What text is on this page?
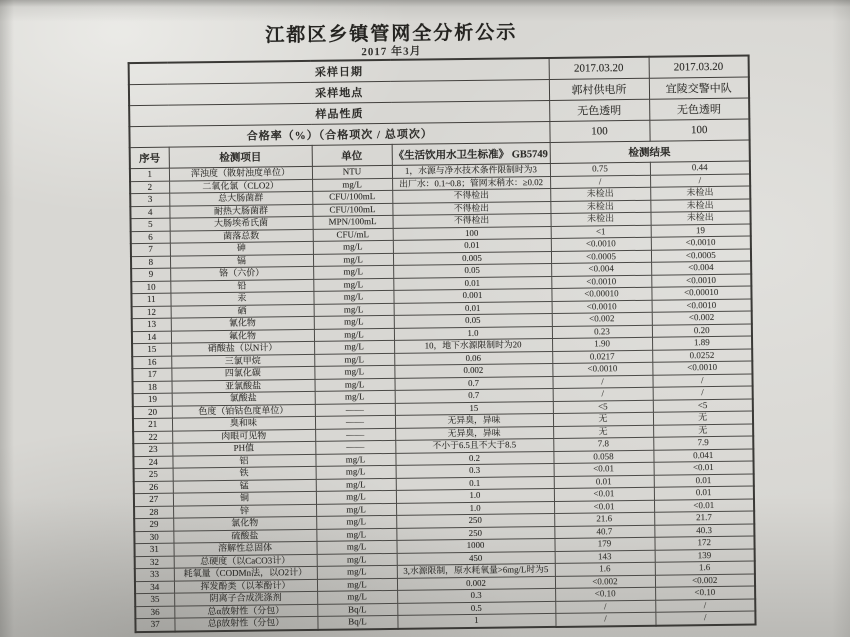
江都区乡镇管网全分析公示
2017 年3月
采样日期				2017.03.20	2017.03.20
采样地点				郭村供电所	宜陵交警中队
样品性质				无色透明	无色透明
合格率（%）（合格项次 / 总项次）				100	100
序号	检测项目	单位	《生活饮用水卫生标准》 GB5749	检测结果	
1	浑浊度（散射浊度单位）	NTU	1，水源与净水技术条件限制时为3	0.75	0.44
2	二氧化氯（CLO2）	mg/L	出厂水：0.1~0.8；管网末稍水：≥0.02	/	/
3	总大肠菌群	CFU/100mL	不得检出	未检出	未检出
4	耐热大肠菌群	CFU/100mL	不得检出	未检出	未检出
5	大肠埃希氏菌	MPN/100mL	不得检出	未检出	未检出
6	菌落总数	CFU/mL	100	<1	19
7	砷	mg/L	0.01	<0.0010	<0.0010
8	镉	mg/L	0.005	<0.0005	<0.0005
9	铬（六价）	mg/L	0.05	<0.004	<0.004
10	铅	mg/L	0.01	<0.0010	<0.0010
11	汞	mg/L	0.001	<0.00010	<0.00010
12	硒	mg/L	0.01	<0.0010	<0.0010
13	氰化物	mg/L	0.05	<0.002	<0.002
14	氟化物	mg/L	1.0	0.23	0.20
15	硝酸盐（以N计）	mg/L	10，地下水源限制时为20	1.90	1.89
16	三氯甲烷	mg/L	0.06	0.0217	0.0252
17	四氯化碳	mg/L	0.002	<0.0010	<0.0010
18	亚氯酸盐	mg/L	0.7	/	/
19	氯酸盐	mg/L	0.7	/	/
20	色度（铂钴色度单位）	——	15	<5	<5
21	臭和味	——	无异臭，异味	无	无
22	肉眼可见物	——	无异臭，异味	无	无
23	PH值	——	不小于6.5且不大于8.5	7.8	7.9
24	铝	mg/L	0.2	0.058	0.041
25	铁	mg/L	0.3	<0.01	<0.01
26	锰	mg/L	0.1	0.01	0.01
27	铜	mg/L	1.0	<0.01	0.01
28	锌	mg/L	1.0	<0.01	<0.01
29	氯化物	mg/L	250	21.6	21.7
30	硫酸盐	mg/L	250	40.7	40.3
31	溶解性总固体	mg/L	1000	179	172
32	总硬度（以CaCO3计）	mg/L	450	143	139
33	耗氧量（CODMn法，以O2计）	mg/L	3,水源限制，原水耗氧量>6mg/L时为5	1.6	1.6
34	挥发酚类（以苯酚计）	mg/L	0.002	<0.002	<0.002
35	阴离子合成洗涤剂	mg/L	0.3	<0.10	<0.10
36	总α放射性（分包）	Bq/L	0.5	/	/
37	总β放射性（分包）	Bq/L	1	/	/
